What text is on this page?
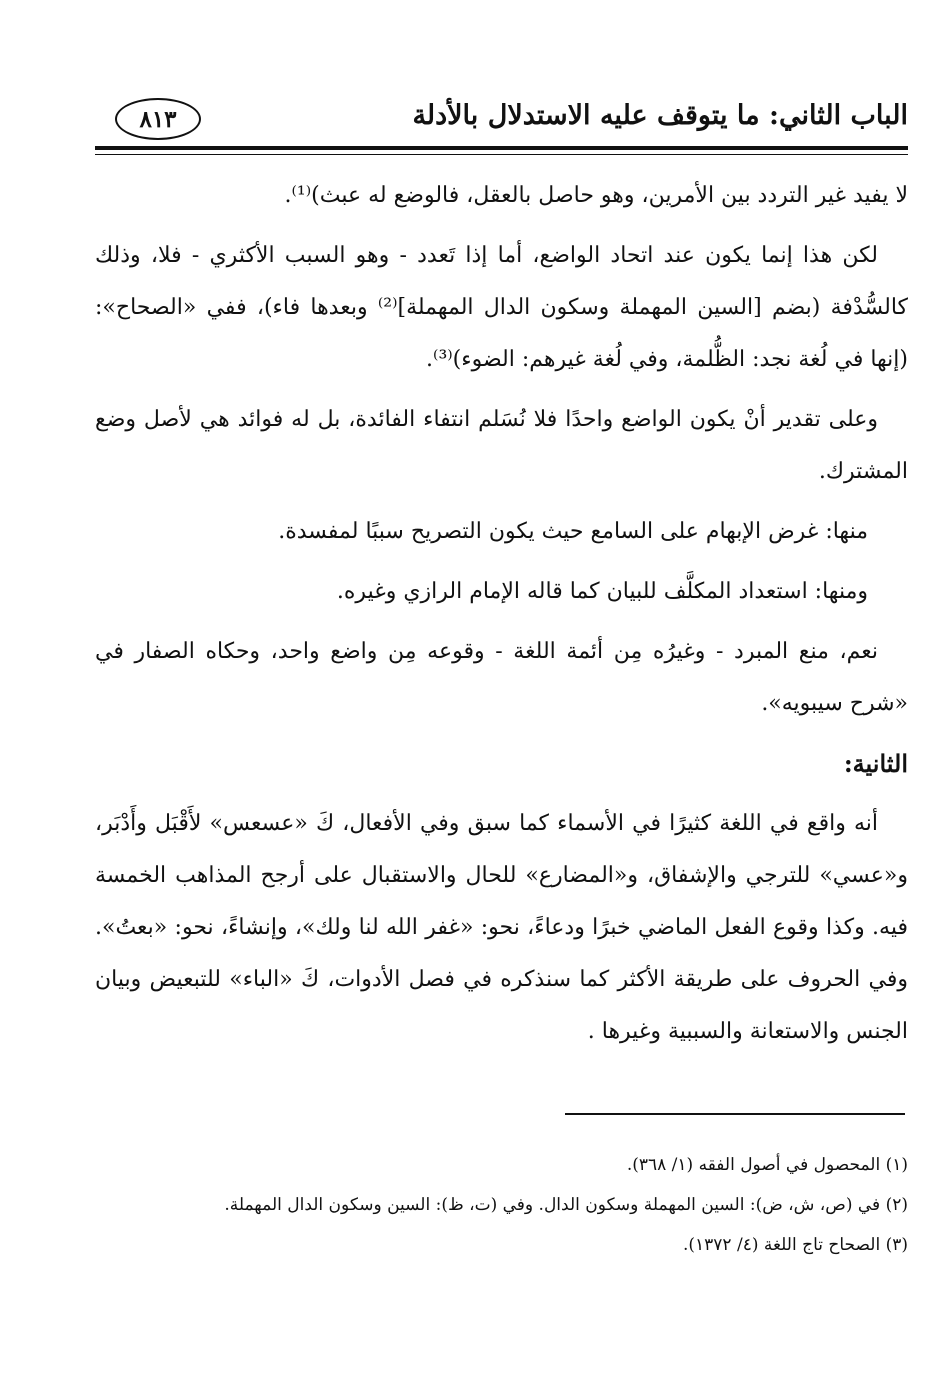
الباب الثاني: ما يتوقف عليه الاستدلال بالأدلة
٨١٣

لا يفيد غير التردد بين الأمرين، وهو حاصل بالعقل، فالوضع له عبث)⁽¹⁾.

لكن هذا إنما يكون عند اتحاد الواضع، أما إذا تَعدد - وهو السبب الأكثري - فلا، وذلك كالسُّدْفة (بضم [السين المهملة وسكون الدال المهملة]⁽²⁾ وبعدها فاء)، ففي «الصحاح»: (إنها في لُغة نجد: الظُّلمة، وفي لُغة غيرهم: الضوء)⁽³⁾.

وعلى تقدير أنْ يكون الواضع واحدًا فلا نُسَلم انتفاء الفائدة، بل له فوائد هي لأصل وضع المشترك.

منها: غرض الإبهام على السامع حيث يكون التصريح سببًا لمفسدة.

ومنها: استعداد المكلَّف للبيان كما قاله الإمام الرازي وغيره.

نعم، منع المبرد - وغيرُه مِن أئمة اللغة - وقوعه مِن واضع واحد، وحكاه الصفار في «شرح سيبويه».

الثانية:

أنه واقع في اللغة كثيرًا في الأسماء كما سبق وفي الأفعال، كَ «عسعس» لأَقْبَل وأَدْبَر، و«عسي» للترجي والإشفاق، و«المضارع» للحال والاستقبال على أرجح المذاهب الخمسة فيه. وكذا وقوع الفعل الماضي خبرًا ودعاءً، نحو: «غفر الله لنا ولك»، وإنشاءً، نحو: «بعتُ». وفي الحروف على طريقة الأكثر كما سنذكره في فصل الأدوات، كَ «الباء» للتبعيض وبيان الجنس والاستعانة والسببية وغيرها .

(١) المحصول في أصول الفقه (١/ ٣٦٨).

(٢) في (ص، ش، ض): السين المهملة وسكون الدال. وفي (ت، ظ): السين وسكون الدال المهملة.

(٣) الصحاح تاج اللغة (٤/ ١٣٧٢).
